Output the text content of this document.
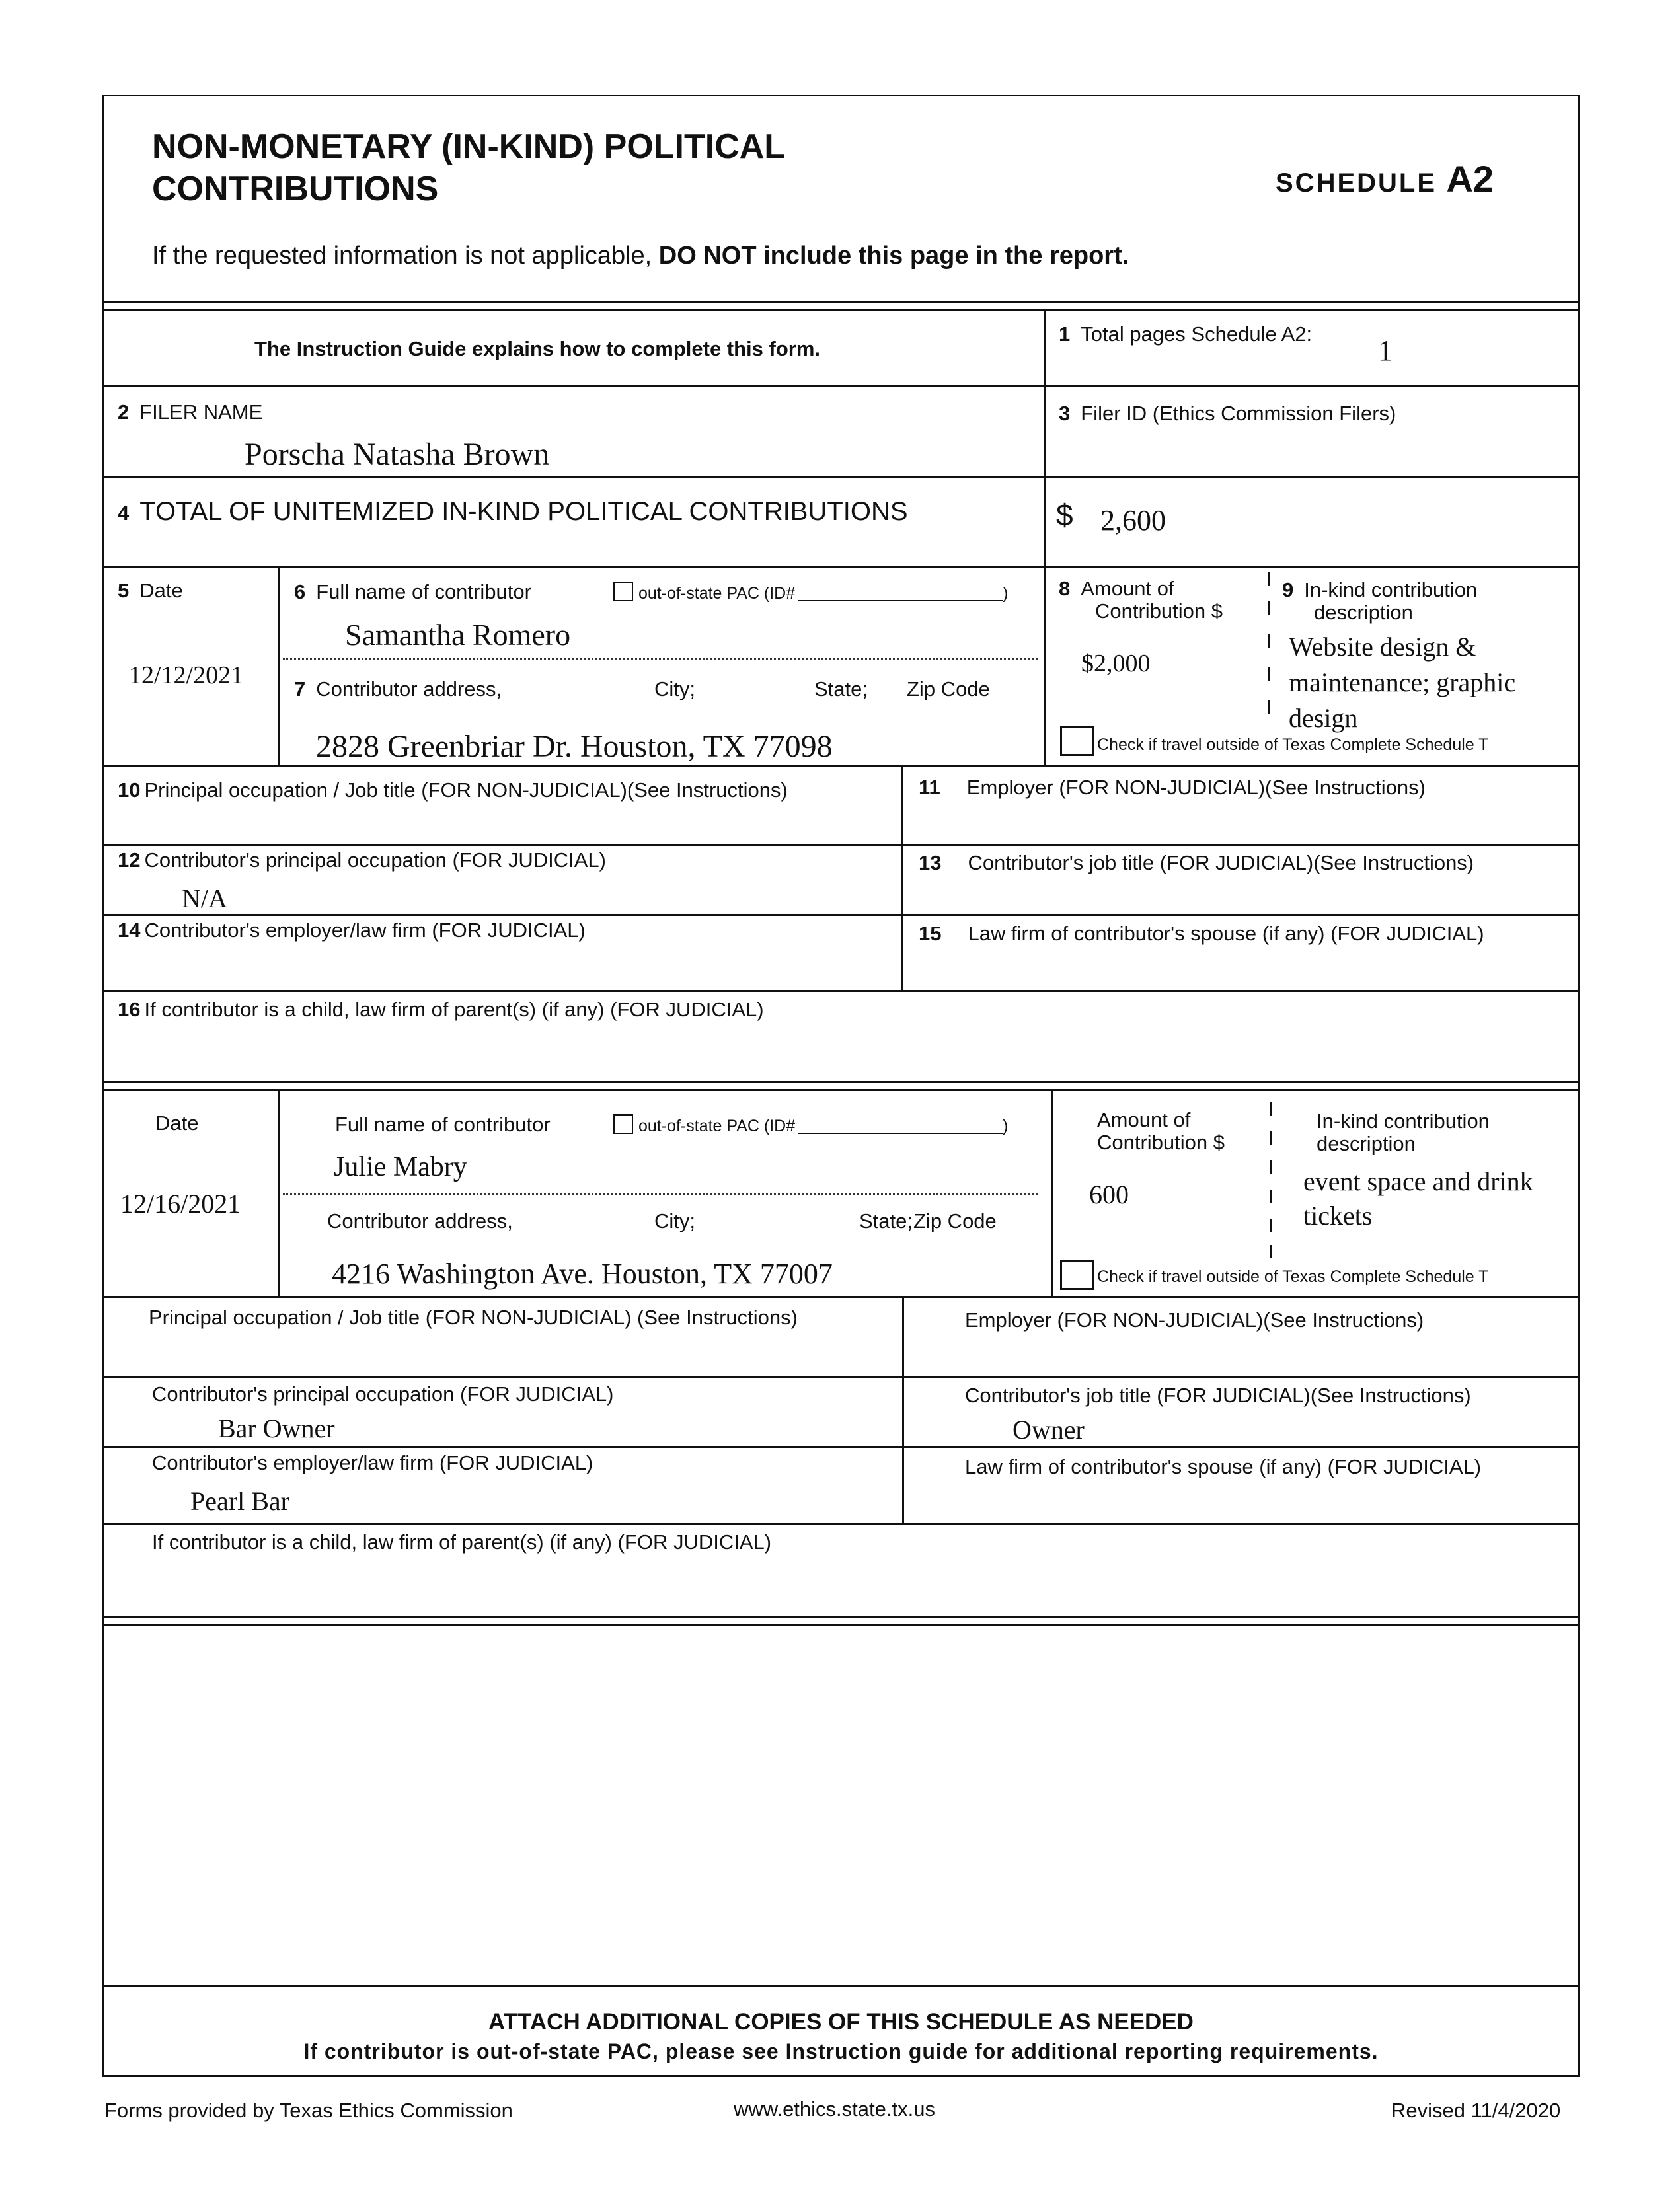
NON-MONETARY (IN-KIND) POLITICAL
CONTRIBUTIONS	SCHEDULE A2
If the requested information is not applicable, DO NOT include this page in the report.
The Instruction Guide explains how to complete this form.
1 Total pages Schedule A2:
1
2 FILER NAME
Porscha Natasha Brown
3 Filer ID (Ethics Commission Filers)
4 TOTAL OF UNITEMIZED IN-KIND POLITICAL CONTRIBUTIONS	$ 2,600
5 Date
12/12/2021
6 Full name of contributor	out-of-state PAC (ID#	)
Samantha Romero
7 Contributor address,	City;	State; Zip Code
2828 Greenbriar Dr. Houston, TX 77098
8 Amount of
Contribution $
$2,000
9 In-kind contribution
description
Website design &
maintenance; graphic
design
Check if travel outside of Texas Complete Schedule T
10 Principal occupation / Job title (FOR NON-JUDICIAL)(See Instructions)	11 Employer (FOR NON-JUDICIAL)(See Instructions)
12 Contributor's principal occupation (FOR JUDICIAL)
N/A
13 Contributor's job title (FOR JUDICIAL)(See Instructions)
14 Contributor's employer/law firm (FOR JUDICIAL)	15 Law firm of contributor's spouse (if any) (FOR JUDICIAL)
16 If contributor is a child, law firm of parent(s) (if any) (FOR JUDICIAL)
Date
12/16/2021
Full name of contributor	out-of-state PAC (ID#	)
Julie Mabry
Contributor address,	City;	State; Zip Code
4216 Washington Ave. Houston, TX 77007
Amount of
Contribution $
600
In-kind contribution
description
event space and drink
tickets
Check if travel outside of Texas Complete Schedule T
Principal occupation / Job title (FOR NON-JUDICIAL) (See Instructions)	Employer (FOR NON-JUDICIAL)(See Instructions)
Contributor's principal occupation (FOR JUDICIAL)
Bar Owner
Contributor's job title (FOR JUDICIAL)(See Instructions)
Owner
Contributor's employer/law firm (FOR JUDICIAL)
Pearl Bar
Law firm of contributor's spouse (if any) (FOR JUDICIAL)
If contributor is a child, law firm of parent(s) (if any) (FOR JUDICIAL)
ATTACH ADDITIONAL COPIES OF THIS SCHEDULE AS NEEDED
If contributor is out-of-state PAC, please see Instruction guide for additional reporting requirements.
Forms provided by Texas Ethics Commission	www.ethics.state.tx.us	Revised 11/4/2020
